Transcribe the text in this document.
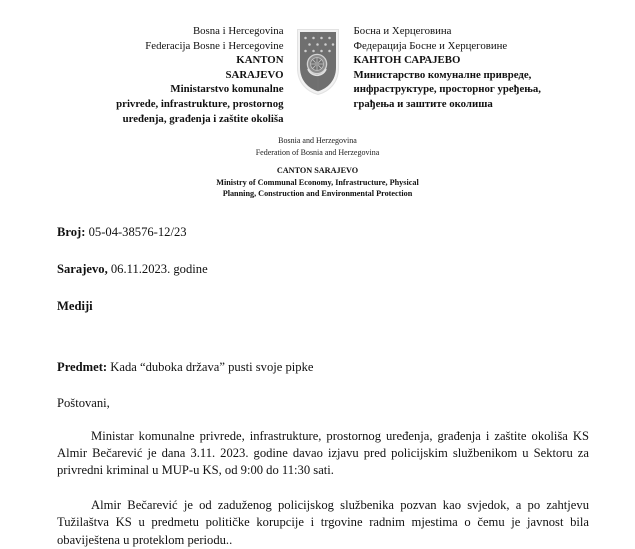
Bosna i Hercegovina
Federacija Bosne i Hercegovine
KANTON
SARAJEVO
Ministarstvo komunalne
privrede, infrastrukture, prostornog
uređenja, građenja i zaštite okoliša
Босна и Херцеговина
Федерација Босне и Херцеговине
КАНТОН САРАЈЕВО
Министарство комуналне привреде,
инфраструктуре, просторног уређења,
грађења и заштите околиша
Bosnia and Herzegovina
Federation of Bosnia and Herzegovina
CANTON SARAJEVO
Ministry of Communal Economy, Infrastructure, Physical
Planning, Construction and Environmental Protection
Broj: 05-04-38576-12/23
Sarajevo, 06.11.2023. godine
Mediji
Predmet: Kada “duboka država” pusti svoje pipke
Poštovani,
Ministar komunalne privrede, infrastrukture, prostornog uređenja, građenja i zaštite okoliša KS Almir Bečarević je dana 3.11. 2023. godine davao izjavu pred policijskim službenikom u Sektoru za privredni kriminal u MUP-u KS, od 9:00 do 11:30 sati.
Almir Bečarević je od zaduženog policijskog službenika pozvan kao svjedok, a po zahtjevu Tužilaštva KS u predmetu političke korupcije i trgovine radnim mjestima o čemu je javnost bila obaviještena u proteklom periodu..
